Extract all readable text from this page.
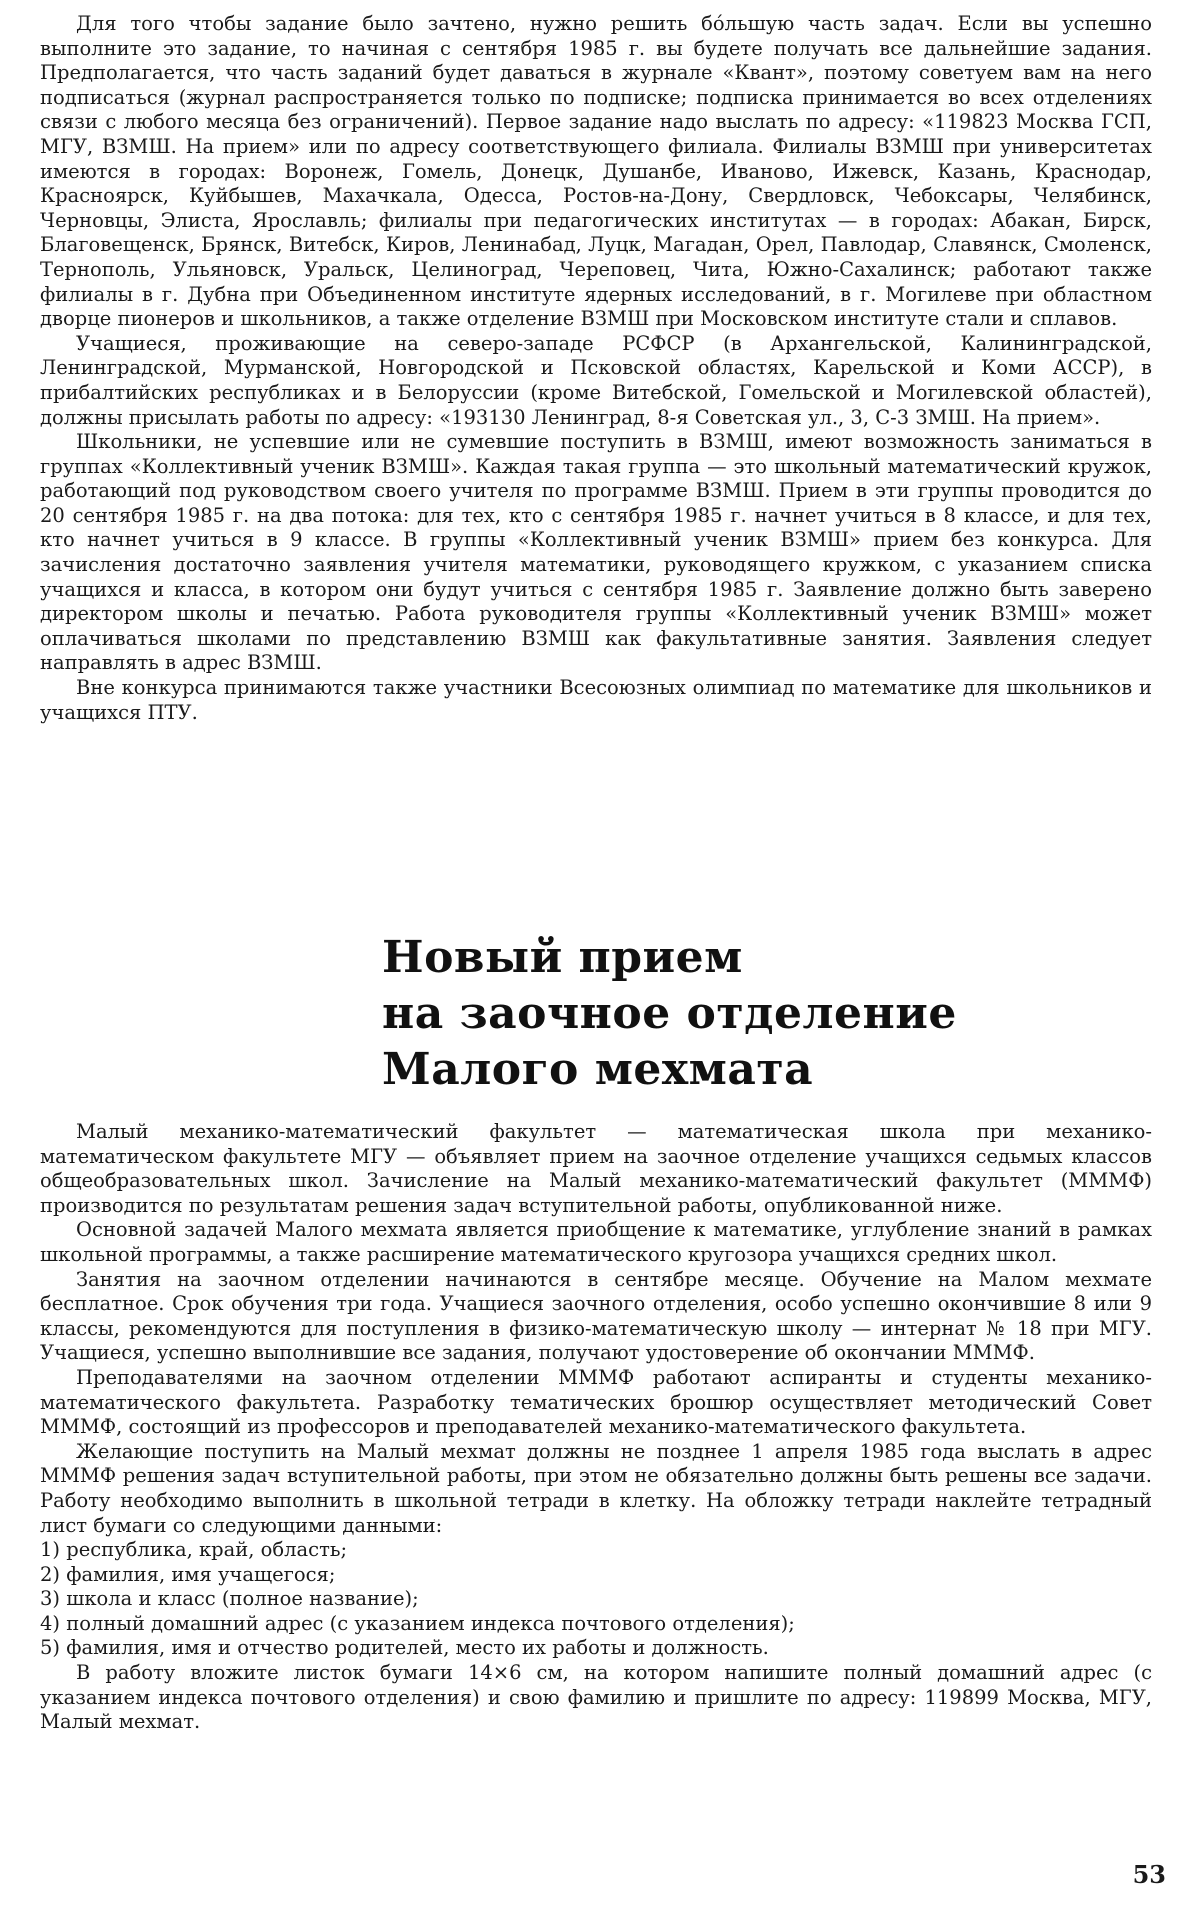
Для того чтобы задание было зачтено, нужно решить бо́льшую часть задач. Если вы успешно выполните это задание, то начиная с сентября 1985 г. вы будете получать все дальнейшие задания. Предполагается, что часть заданий будет даваться в журнале «Квант», поэтому советуем вам на него подписаться (журнал распространяется только по подписке; подписка принимается во всех отделениях связи с любого месяца без ограничений). Первое задание надо выслать по адресу: «119823 Москва ГСП, МГУ, ВЗМШ. На прием» или по адресу соответствующего филиала. Филиалы ВЗМШ при университетах имеются в городах: Воронеж, Гомель, Донецк, Душанбе, Иваново, Ижевск, Казань, Краснодар, Красноярск, Куйбышев, Махачкала, Одесса, Ростов-на-Дону, Свердловск, Чебоксары, Челябинск, Черновцы, Элиста, Ярославль; филиалы при педагогических институтах — в городах: Абакан, Бирск, Благовещенск, Брянск, Витебск, Киров, Ленинабад, Луцк, Магадан, Орел, Павлодар, Славянск, Смоленск, Тернополь, Ульяновск, Уральск, Целиноград, Череповец, Чита, Южно-Сахалинск; работают также филиалы в г. Дубна при Объединенном институте ядерных исследований, в г. Могилеве при областном дворце пионеров и школьников, а также отделение ВЗМШ при Московском институте стали и сплавов.

Учащиеся, проживающие на северо-западе РСФСР (в Архангельской, Калининградской, Ленинградской, Мурманской, Новгородской и Псковской областях, Карельской и Коми АССР), в прибалтийских республиках и в Белоруссии (кроме Витебской, Гомельской и Могилевской областей), должны присылать работы по адресу: «193130 Ленинград, 8-я Советская ул., 3, С-3 ЗМШ. На прием».

Школьники, не успевшие или не сумевшие поступить в ВЗМШ, имеют возможность заниматься в группах «Коллективный ученик ВЗМШ». Каждая такая группа — это школьный математический кружок, работающий под руководством своего учителя по программе ВЗМШ. Прием в эти группы проводится до 20 сентября 1985 г. на два потока: для тех, кто с сентября 1985 г. начнет учиться в 8 классе, и для тех, кто начнет учиться в 9 классе. В группы «Коллективный ученик ВЗМШ» прием без конкурса. Для зачисления достаточно заявления учителя математики, руководящего кружком, с указанием списка учащихся и класса, в котором они будут учиться с сентября 1985 г. Заявление должно быть заверено директором школы и печатью. Работа руководителя группы «Коллективный ученик ВЗМШ» может оплачиваться школами по представлению ВЗМШ как факультативные занятия. Заявления следует направлять в адрес ВЗМШ.

Вне конкурса принимаются также участники Всесоюзных олимпиад по математике для школьников и учащихся ПТУ.

Новый прием
на заочное отделение
Малого мехмата

Малый механико-математический факультет — математическая школа при механико-математическом факультете МГУ — объявляет прием на заочное отделение учащихся седьмых классов общеобразовательных школ. Зачисление на Малый механико-математический факультет (МММФ) производится по результатам решения задач вступительной работы, опубликованной ниже.

Основной задачей Малого мехмата является приобщение к математике, углубление знаний в рамках школьной программы, а также расширение математического кругозора учащихся средних школ.

Занятия на заочном отделении начинаются в сентябре месяце. Обучение на Малом мехмате бесплатное. Срок обучения три года. Учащиеся заочного отделения, особо успешно окончившие 8 или 9 классы, рекомендуются для поступления в физико-математическую школу — интернат № 18 при МГУ. Учащиеся, успешно выполнившие все задания, получают удостоверение об окончании МММФ.

Преподавателями на заочном отделении МММФ работают аспиранты и студенты механико-математического факультета. Разработку тематических брошюр осуществляет методический Совет МММФ, состоящий из профессоров и преподавателей механико-математического факультета.

Желающие поступить на Малый мехмат должны не позднее 1 апреля 1985 года выслать в адрес МММФ решения задач вступительной работы, при этом не обязательно должны быть решены все задачи. Работу необходимо выполнить в школьной тетради в клетку. На обложку тетради наклейте тетрадный лист бумаги со следующими данными:

1) республика, край, область;

2) фамилия, имя учащегося;

3) школа и класс (полное название);

4) полный домашний адрес (с указанием индекса почтового отделения);

5) фамилия, имя и отчество родителей, место их работы и должность.

В работу вложите листок бумаги 14×6 см, на котором напишите полный домашний адрес (с указанием индекса почтового отделения) и свою фамилию и пришлите по адресу: 119899 Москва, МГУ, Малый мехмат.

53
